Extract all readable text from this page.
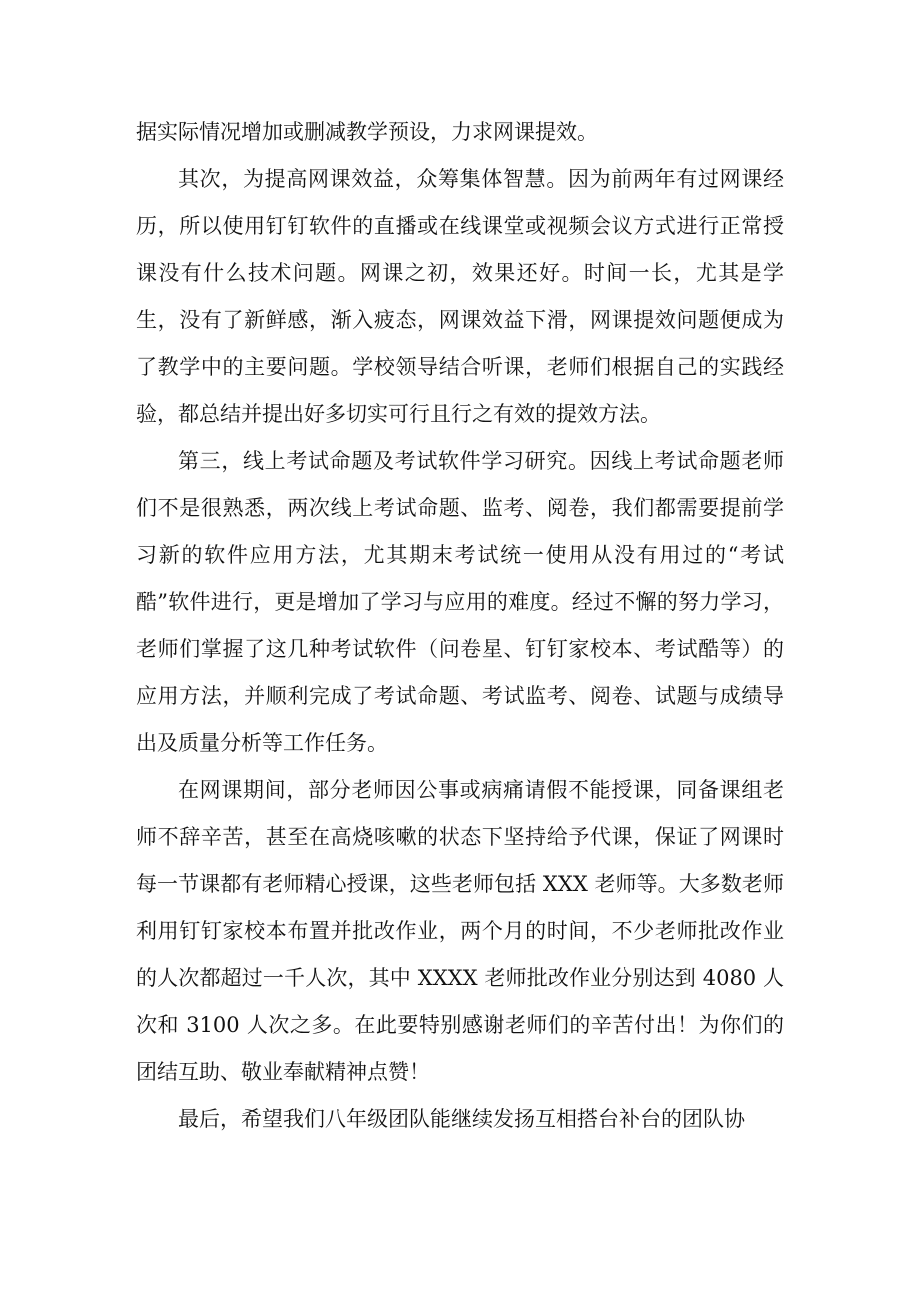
据实际情况增加或删减教学预设，力求网课提效。

其次，为提高网课效益，众筹集体智慧。因为前两年有过网课经历，所以使用钉钉软件的直播或在线课堂或视频会议方式进行正常授课没有什么技术问题。网课之初，效果还好。时间一长，尤其是学生，没有了新鲜感，渐入疲态，网课效益下滑，网课提效问题便成为了教学中的主要问题。学校领导结合听课，老师们根据自己的实践经验，都总结并提出好多切实可行且行之有效的提效方法。

第三，线上考试命题及考试软件学习研究。因线上考试命题老师们不是很熟悉，两次线上考试命题、监考、阅卷，我们都需要提前学习新的软件应用方法，尤其期末考试统一使用从没有用过的“考试酷”软件进行，更是增加了学习与应用的难度。经过不懈的努力学习，老师们掌握了这几种考试软件（问卷星、钉钉家校本、考试酷等）的应用方法，并顺利完成了考试命题、考试监考、阅卷、试题与成绩导出及质量分析等工作任务。

在网课期间，部分老师因公事或病痛请假不能授课，同备课组老师不辞辛苦，甚至在高烧咳嗽的状态下坚持给予代课，保证了网课时每一节课都有老师精心授课，这些老师包括 XXX 老师等。大多数老师利用钉钉家校本布置并批改作业，两个月的时间，不少老师批改作业的人次都超过一千人次，其中 XXXX 老师批改作业分别达到 4080 人次和 3100 人次之多。在此要特别感谢老师们的辛苦付出！为你们的团结互助、敬业奉献精神点赞！

最后，希望我们八年级团队能继续发扬互相搭台补台的团队协
